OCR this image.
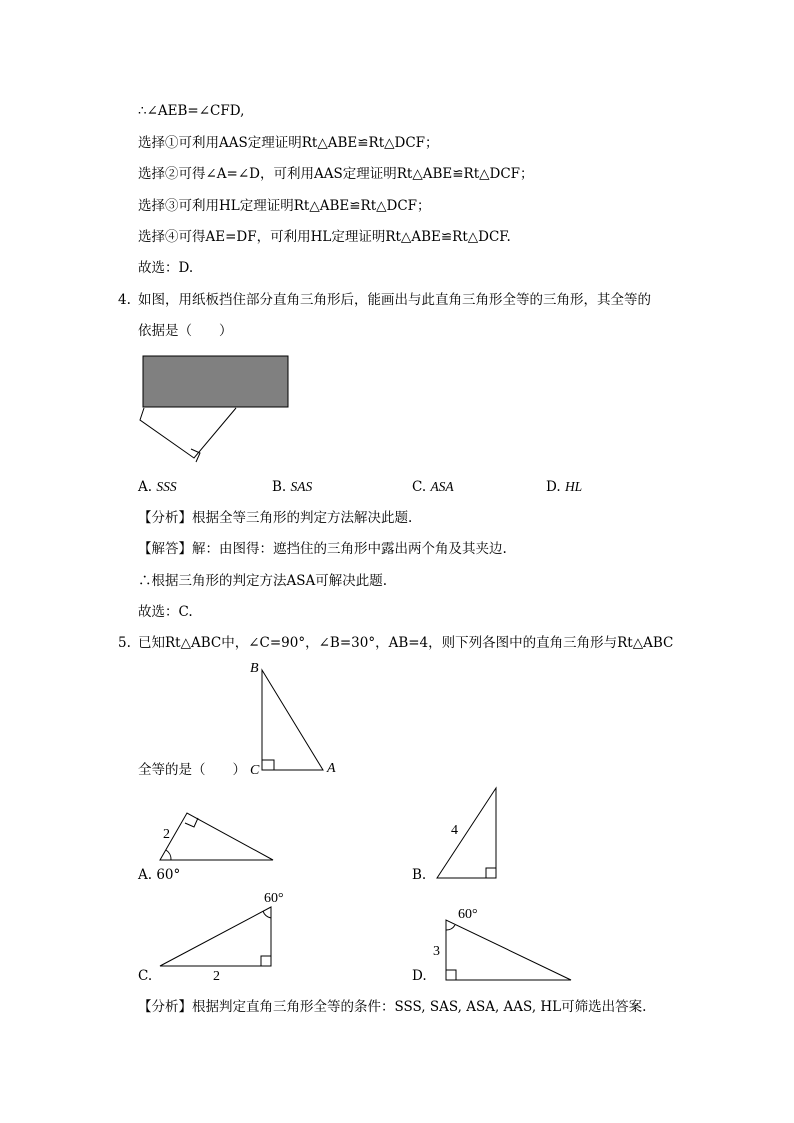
∴∠AEB=∠CFD,
选择①可利用AAS定理证明Rt△ABE≌Rt△DCF；
选择②可得∠A=∠D，可利用AAS定理证明Rt△ABE≌Rt△DCF；
选择③可利用HL定理证明Rt△ABE≌Rt△DCF；
选择④可得AE=DF，可利用HL定理证明Rt△ABE≌Rt△DCF.
故选：D.
4. 如图，用纸板挡住部分直角三角形后，能画出与此直角三角形全等的三角形，其全等的
依据是（　　）
A. SSS	B. SAS	C. ASA	D. HL
【分析】根据全等三角形的判定方法解决此题.
【解答】解：由图得：遮挡住的三角形中露出两个角及其夹边.
∴根据三角形的判定方法ASA可解决此题.
故选：C.
5. 已知Rt△ABC中，∠C=90°，∠B=30°，AB=4，则下列各图中的直角三角形与Rt△ABC
B
C	A
全等的是（　　）
2	4
60°
2
60°
3
A. 60°	B.
C.	D.
【分析】根据判定直角三角形全等的条件：SSS, SAS, ASA, AAS, HL可筛选出答案.
